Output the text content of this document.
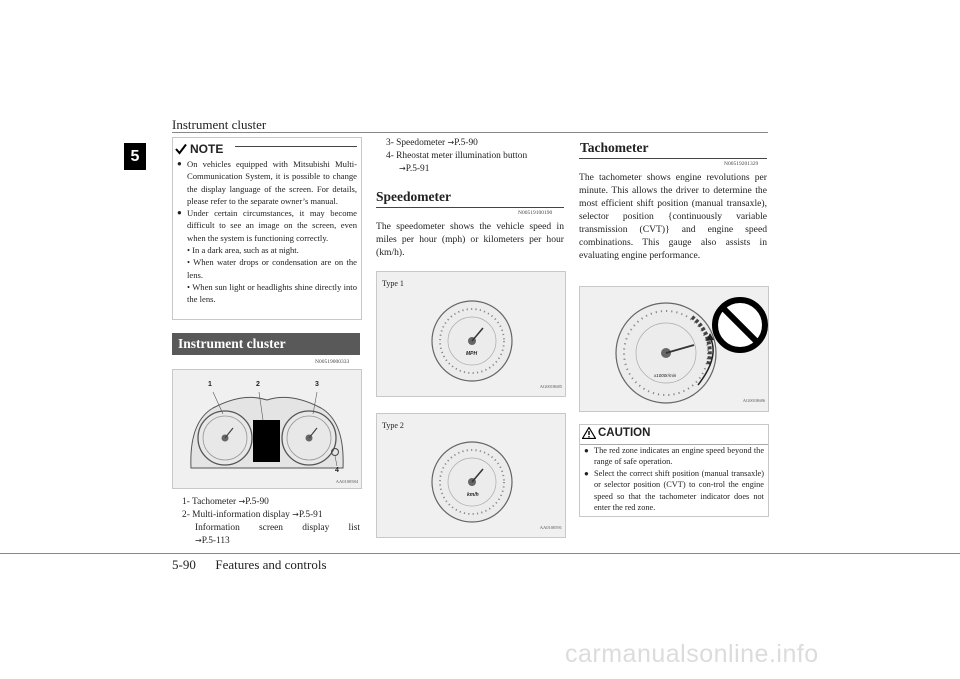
Instrument cluster
5	NOTE
● On vehicles equipped with Mitsubishi Multi-Communication System, it is possible to change the display language of the screen. For details, please refer to the separate owner’s manual.
● Under certain circumstances, it may become difficult to see an image on the screen, even when the system is functioning correctly.
• In a dark area, such as at night.
• When water drops or condensation are on the lens.
• When sun light or headlights shine directly into the lens.
Instrument cluster
N00519000333
1	2	3
4
AA0100584
1- Tachometer →P.5-90
2- Multi-information display →P.5-91
Information screen display list
→P.5-113
3- Speedometer →P.5-90
4- Rheostat meter illumination button
→P.5-91
Speedometer
N00519100190
The speedometer shows the vehicle speed in miles per hour (mph) or kilometers per hour (km/h).
Type 1
MPH
AG0018685
Type 2
km/h
AA0100591
Tachometer
N00519201329
The tachometer shows engine revolutions per minute. This allows the driver to determine the most efficient shift position (manual transaxle), selector position {continuously variable transmission (CVT)} and engine speed combinations. This gauge also assists in evaluating engine performance.
x1000r/min
AG0018686
CAUTION
● The red zone indicates an engine speed beyond the range of safe operation.
● Select the correct shift position (manual transaxle) or selector position (CVT) to con-trol the engine speed so that the tachometer indicator does not enter the red zone.
5-90 Features and controls
carmanualsonline.info
